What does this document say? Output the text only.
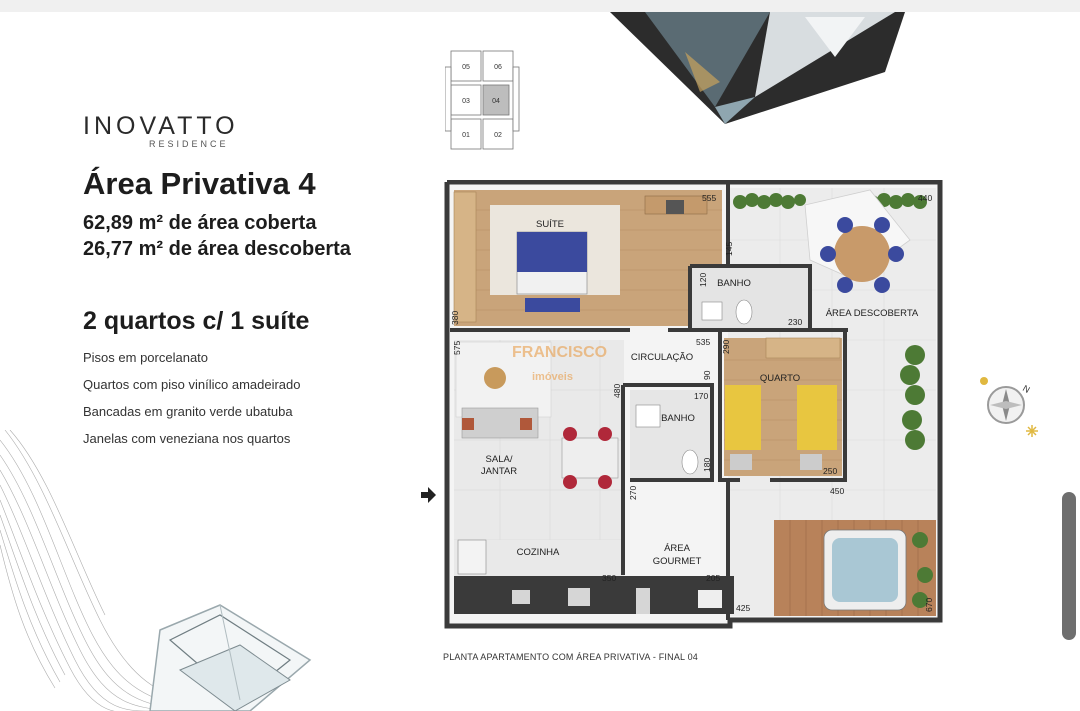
INOVATTO
RESIDENCE
Área Privativa 4
62,89 m² de área coberta
26,77 m² de área descoberta
2 quartos c/ 1 suíte
Pisos em porcelanato
Quartos com piso vinílico amadeirado
Bancadas em granito verde ubatuba
Janelas com veneziana nos quartos
05	06
03	04
01	02
SUÍTE
BANHO
ÁREA DESCOBERTA
CIRCULAÇÃO
QUARTO
BANHO
SALA/
JANTAR
COZINHA	ÁREA
GOURMET
555	440
145
120
230
380
575	535 290
90
480	170
180	250
450
270
350	205
425	670
FRANCISCO
imóveis
N
PLANTA APARTAMENTO COM ÁREA PRIVATIVA - FINAL 04
